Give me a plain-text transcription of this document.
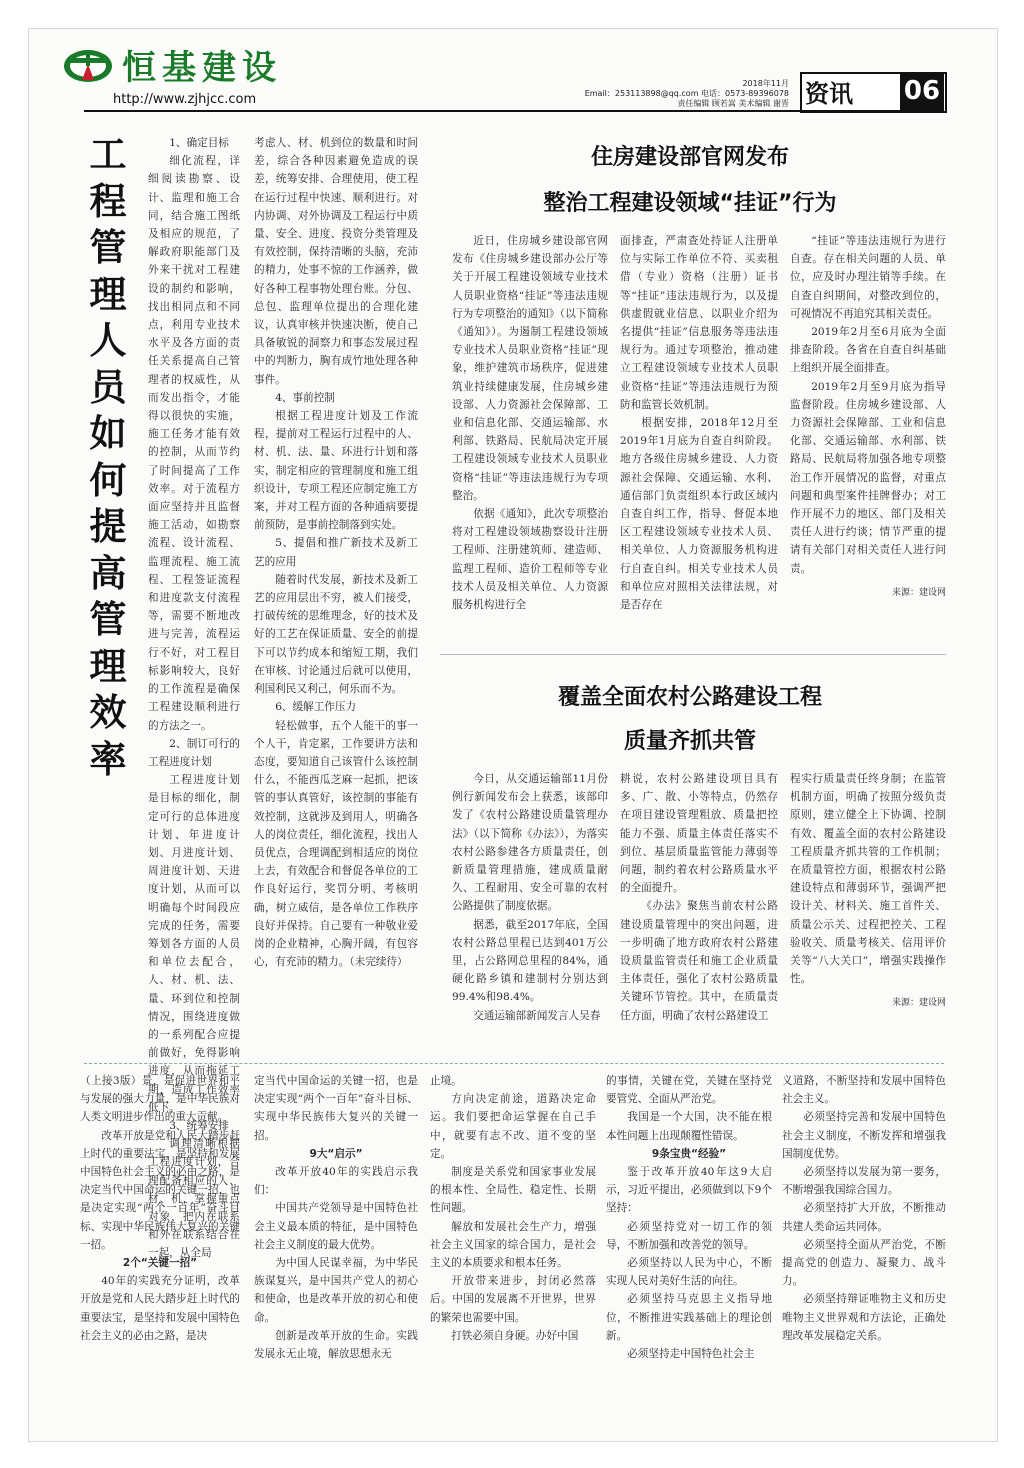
恒基建设
http://www.zjhjcc.com
2018年11月
Email：253113898@qq.com 电话：0573-89396078
责任编辑 顾若嵩 美术编辑 谢晋 资讯 06
工程管理人员如何提高管理效率

1、确定目标

细化流程，详细阅读勘察、设计、监理和施工合同，结合施工图纸及相应的规范，了解政府职能部门及外来干扰对工程建设的制约和影响，找出相同点和不同点，利用专业技术水平及各方面的责任关系提高自己管理者的权威性，从而发出指令，才能得以很快的实施，施工任务才能有效的控制，从而节约了时间提高了工作效率。对于流程方面应坚持并且监督施工活动，如勘察流程、设计流程、监理流程、施工流程、工程签证流程和进度款支付流程等，需要不断地改进与完善，流程运行不好，对工程目标影响较大，良好的工作流程是确保工程建设顺利进行的方法之一。

2、制订可行的工程进度计划

工程进度计划是目标的细化，制定可行的总体进度计划、年进度计划、月进度计划、周进度计划、天进度计划，从而可以明确每个时间段应完成的任务，需要筹划各方面的人员和单位去配合，人、材、机、法、量、环到位和控制情况，围绕进度做的一系列配合应提前做好，免得影响进度，从而拖延工期，造成工作效率低下。

3、统筹安排

调理清晰根据工程进度计划，合理配备相应的人、材、机，掌握重点对象，把内在联系和外在联系结合在一起，从全局

考虑人、材、机到位的数量和时间差，综合各种因素避免造成的误差，统筹安排、合理使用，使工程在运行过程中快速、顺利进行。对内协调、对外协调及工程运行中质量、安全、进度、投资分类管理及有效控制，保持清晰的头脑，充沛的精力，处事不惊的工作涵养，做好各种工程事物处理台账。分包、总包、监理单位提出的合理化建议，认真审核并快速决断，使自己具备敏锐的洞察力和事态发展过程中的判断力，胸有成竹地处理各种事件。

4、事前控制

根据工程进度计划及工作流程，提前对工程运行过程中的人、材、机、法、量、环进行计划和落实，制定相应的管理制度和施工组织设计，专项工程还应制定施工方案，并对工程方面的各种通病要提前预防，是事前控制落到实处。

5、提倡和推广新技术及新工艺的应用

随着时代发展，新技术及新工艺的应用层出不穷，被人们接受，打破传统的思维理念，好的技术及好的工艺在保证质量、安全的前提下可以节约成本和缩短工期，我们在审核、讨论通过后就可以使用，利国利民又利己，何乐而不为。

6、缓解工作压力

轻松做事，五个人能干的事一个人干，肯定累，工作要讲方法和态度，要知道自己该管什么该控制什么，不能西瓜芝麻一起抓，把该管的事认真管好，该控制的事能有效控制，这就涉及到用人，明确各人的岗位责任，细化流程，找出人员优点，合理调配到相适应的岗位上去，有效配合和督促各单位的工作良好运行，奖罚分明、考核明确，树立威信，是各单位工作秩序良好并保持。自己要有一种敬业爱岗的企业精神，心胸开阔，有包容心，有充沛的精力。（未完续待）

住房建设部官网发布
整治工程建设领域“挂证”行为

近日，住房城乡建设部官网发布《住房城乡建设部办公厅等关于开展工程建设领域专业技术人员职业资格“挂证”等违法违规行为专项整治的通知》（以下简称《通知》）。为遏制工程建设领域专业技术人员职业资格“挂证”现象，维护建筑市场秩序，促进建筑业持续健康发展，住房城乡建设部、人力资源社会保障部、工业和信息化部、交通运输部、水利部、铁路局、民航局决定开展工程建设领域专业技术人员职业资格“挂证”等违法违规行为专项整治。

依据《通知》，此次专项整治将对工程建设领域勘察设计注册工程师、注册建筑师、建造师、监理工程师、造价工程师等专业技术人员及相关单位、人力资源服务机构进行全

面排查，严肃查处持证人注册单位与实际工作单位不符、买卖租借（专业）资格（注册）证书等“挂证”违法违规行为，以及提供虚假就业信息、以职业介绍为名提供“挂证”信息服务等违法违规行为。通过专项整治，推动建立工程建设领域专业技术人员职业资格“挂证”等违法违规行为预防和监管长效机制。

根据安排，2018年12月至2019年1月底为自查自纠阶段。地方各级住房城乡建设、人力资源社会保障、交通运输、水利、通信部门负责组织本行政区域内自查自纠工作，指导、督促本地区工程建设领域专业技术人员、相关单位、人力资源服务机构进行自查自纠。相关专业技术人员和单位应对照相关法律法规，对是否存在

“挂证”等违法违规行为进行自查。存在相关问题的人员、单位，应及时办理注销等手续。在自查自纠期间，对整改到位的，可视情况不再追究其相关责任。

2019年2月至6月底为全面排查阶段。各省在自查自纠基础上组织开展全面排查。

2019年2月至9月底为指导监督阶段。住房城乡建设部、人力资源社会保障部、工业和信息化部、交通运输部、水利部、铁路局、民航局将加强各地专项整治工作开展情况的监督，对重点问题和典型案件挂牌督办；对工作开展不力的地区、部门及相关责任人进行约谈；情节严重的提请有关部门对相关责任人进行问责。

来源：建设网

覆盖全面农村公路建设工程
质量齐抓共管

今日，从交通运输部11月份例行新闻发布会上获悉，该部印发了《农村公路建设质量管理办法》（以下简称《办法》），为落实农村公路参建各方质量责任，创新质量管理措施，建成质量耐久、工程耐用、安全可靠的农村公路提供了制度依据。

据悉，截至2017年底，全国农村公路总里程已达到401万公里，占公路网总里程的84%，通硬化路乡镇和建制村分别达到99.4%和98.4%。

交通运输部新闻发言人吴春

耕说，农村公路建设项目具有多、广、散、小等特点，仍然存在项目建设管理粗放、质量把控能力不强、质量主体责任落实不到位、基层质量监管能力薄弱等问题，制约着农村公路质量水平的全面提升。

《办法》聚焦当前农村公路建设质量管理中的突出问题，进一步明确了地方政府农村公路建设质量监管责任和施工企业质量主体责任，强化了农村公路质量关键环节管控。其中，在质量责任方面，明确了农村公路建设工

程实行质量责任终身制；在监管机制方面，明确了按照分级负责原则，建立健全上下协调、控制有效、覆盖全面的农村公路建设工程质量齐抓共管的工作机制；在质量管控方面，根据农村公路建设特点和薄弱环节，强调严把设计关、材料关、施工首件关、质量公示关、过程把控关、工程验收关、质量考核关、信用评价关等“八大关口”，增强实践操作性。

来源：建设网

（上接3版）景，是促进世界和平与发展的强大力量，是中华民族对人类文明进步作出的重大贡献。

改革开放是党和人民大踏步赶上时代的重要法宝，是坚持和发展中国特色社会主义的必由之路，是决定当代中国命运的关键一招，也是决定实现“两个一百年”奋斗目标、实现中华民族伟大复兴的关键一招。

2个“关键一招”

40年的实践充分证明，改革开放是党和人民大踏步赶上时代的重要法宝，是坚持和发展中国特色社会主义的必由之路，是决

定当代中国命运的关键一招，也是决定实现“两个一百年”奋斗目标、实现中华民族伟大复兴的关键一招。

9大“启示”

改革开放40年的实践启示我们：

中国共产党领导是中国特色社会主义最本质的特征，是中国特色社会主义制度的最大优势。

为中国人民谋幸福，为中华民族谋复兴，是中国共产党人的初心和使命，也是改革开放的初心和使命。

创新是改革开放的生命。实践发展永无止境，解放思想永无

止境。

方向决定前途，道路决定命运。我们要把命运掌握在自己手中，就要有志不改、道不变的坚定。

制度是关系党和国家事业发展的根本性、全局性、稳定性、长期性问题。

解放和发展社会生产力，增强社会主义国家的综合国力，是社会主义的本质要求和根本任务。

开放带来进步，封闭必然落后。中国的发展离不开世界，世界的繁荣也需要中国。

打铁必须自身硬。办好中国

的事情，关键在党，关键在坚持党要管党、全面从严治党。

我国是一个大国，决不能在根本性问题上出现颠覆性错误。

9条宝贵“经验”

鉴于改革开放40年这9大启示，习近平提出，必须做到以下9个坚持：

必须坚持党对一切工作的领导，不断加强和改善党的领导。

必须坚持以人民为中心，不断实现人民对美好生活的向往。

必须坚持马克思主义指导地位，不断推进实践基础上的理论创新。

必须坚持走中国特色社会主

义道路，不断坚持和发展中国特色社会主义。

必须坚持完善和发展中国特色社会主义制度，不断发挥和增强我国制度优势。

必须坚持以发展为第一要务，不断增强我国综合国力。

必须坚持扩大开放，不断推动共建人类命运共同体。

必须坚持全面从严治党，不断提高党的创造力、凝聚力、战斗力。

必须坚持辩证唯物主义和历史唯物主义世界观和方法论，正确处理改革发展稳定关系。
